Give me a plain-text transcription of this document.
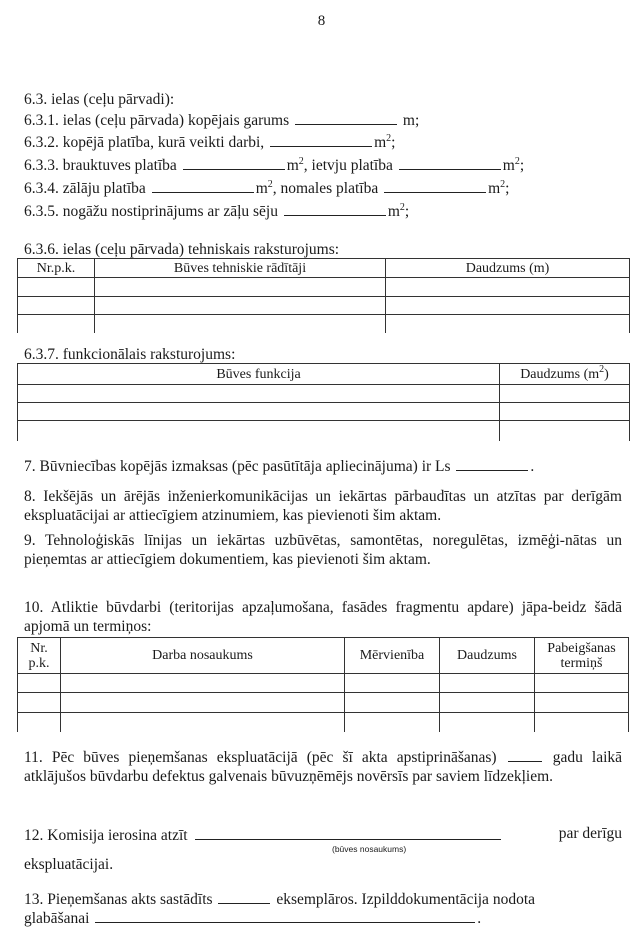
8
6.3. ielas (ceļu pārvadi):
6.3.1. ielas (ceļu pārvada) kopējais garums	m;
6.3.2. kopējā platība, kurā veikti darbi,	$m^2$;
6.3.3. brauktuves platība	$m^2$, ietvju platība	$m^2$;
6.3.4. zālāju platība	$m^2$, nomales platība	$m^2$;
6.3.5. nogāžu nostiprinājums ar zāļu sēju	$m^2$;
6.3.6. ielas (ceļu pārvada) tehniskais raksturojums:
Nr.p.k.	Būves tehniskie rādītāji	Daudzums (m)

6.3.7. funkcionālais raksturojums:
Būves funkcija	Daudzums $(m^2)$

7. Būvniecības kopējās izmaksas (pēc pasūtītāja apliecinājuma) ir Ls	.
8. Iekšējās un ārējās inženierkomunikācijas un iekārtas pārbaudītas un atzītas par derīgām ekspluatācijai ar attiecīgiem atzinumiem, kas pievienoti šim aktam.
9. Tehnoloģiskās līnijas un iekārtas uzbūvētas, samontētas, noregulētas, izmēģi-nātas un pieņemtas ar attiecīgiem dokumentiem, kas pievienoti šim aktam.
10. Atliktie būvdarbi (teritorijas apzaļumošana, fasādes fragmentu apdare) jāpa-beidz šādā apjomā un termiņos:
Nr. p.k.	Darba nosaukums	Mērvienība	Daudzums	Pabeigšanas termiņš

11. Pēc būves pieņemšanas ekspluatācijā (pēc šī akta apstiprināšanas)	gadu laikā atklājušos būvdarbu defektus galvenais būvuzņēmējs novērsīs par saviem līdzekļiem.
12. Komisija ierosina atzīt	par derīgu
(būves nosaukums)
ekspluatācijai.
13. Pieņemšanas akts sastādīts	eksemplāros. Izpilddokumentācija nodota
glabāšanai	.
